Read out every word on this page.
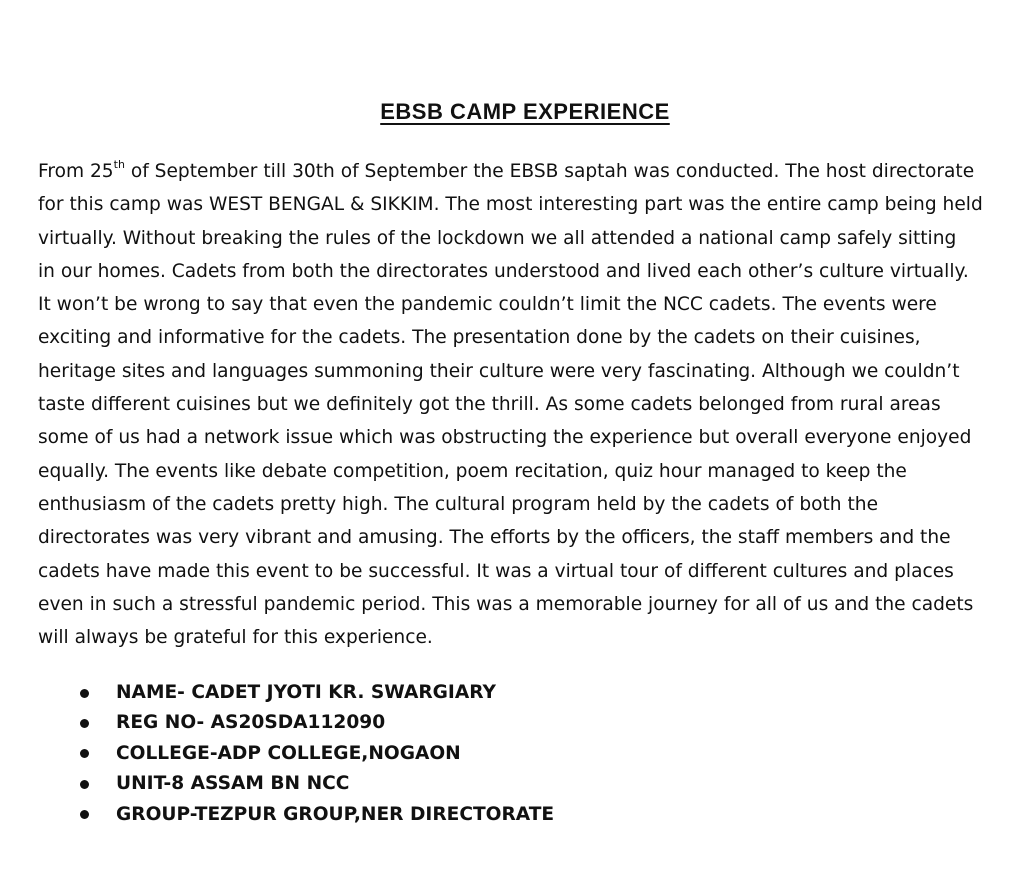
EBSB CAMP EXPERIENCE
From 25th of September till 30th of September the EBSB saptah was conducted. The host directorate
for this camp was WEST BENGAL & SIKKIM. The most interesting part was the entire camp being held
virtually. Without breaking the rules of the lockdown we all attended a national camp safely sitting
in our homes. Cadets from both the directorates understood and lived each other’s culture virtually.
It won’t be wrong to say that even the pandemic couldn’t limit the NCC cadets. The events were
exciting and informative for the cadets. The presentation done by the cadets on their cuisines,
heritage sites and languages summoning their culture were very fascinating. Although we couldn’t
taste different cuisines but we definitely got the thrill. As some cadets belonged from rural areas
some of us had a network issue which was obstructing the experience but overall everyone enjoyed
equally. The events like debate competition, poem recitation, quiz hour managed to keep the
enthusiasm of the cadets pretty high. The cultural program held by the cadets of both the
directorates was very vibrant and amusing. The efforts by the officers, the staff members and the
cadets have made this event to be successful. It was a virtual tour of different cultures and places
even in such a stressful pandemic period. This was a memorable journey for all of us and the cadets
will always be grateful for this experience.
NAME- CADET JYOTI KR. SWARGIARY
REG NO- AS20SDA112090
COLLEGE-ADP COLLEGE,NOGAON
UNIT-8 ASSAM BN NCC
GROUP-TEZPUR GROUP,NER DIRECTORATE
